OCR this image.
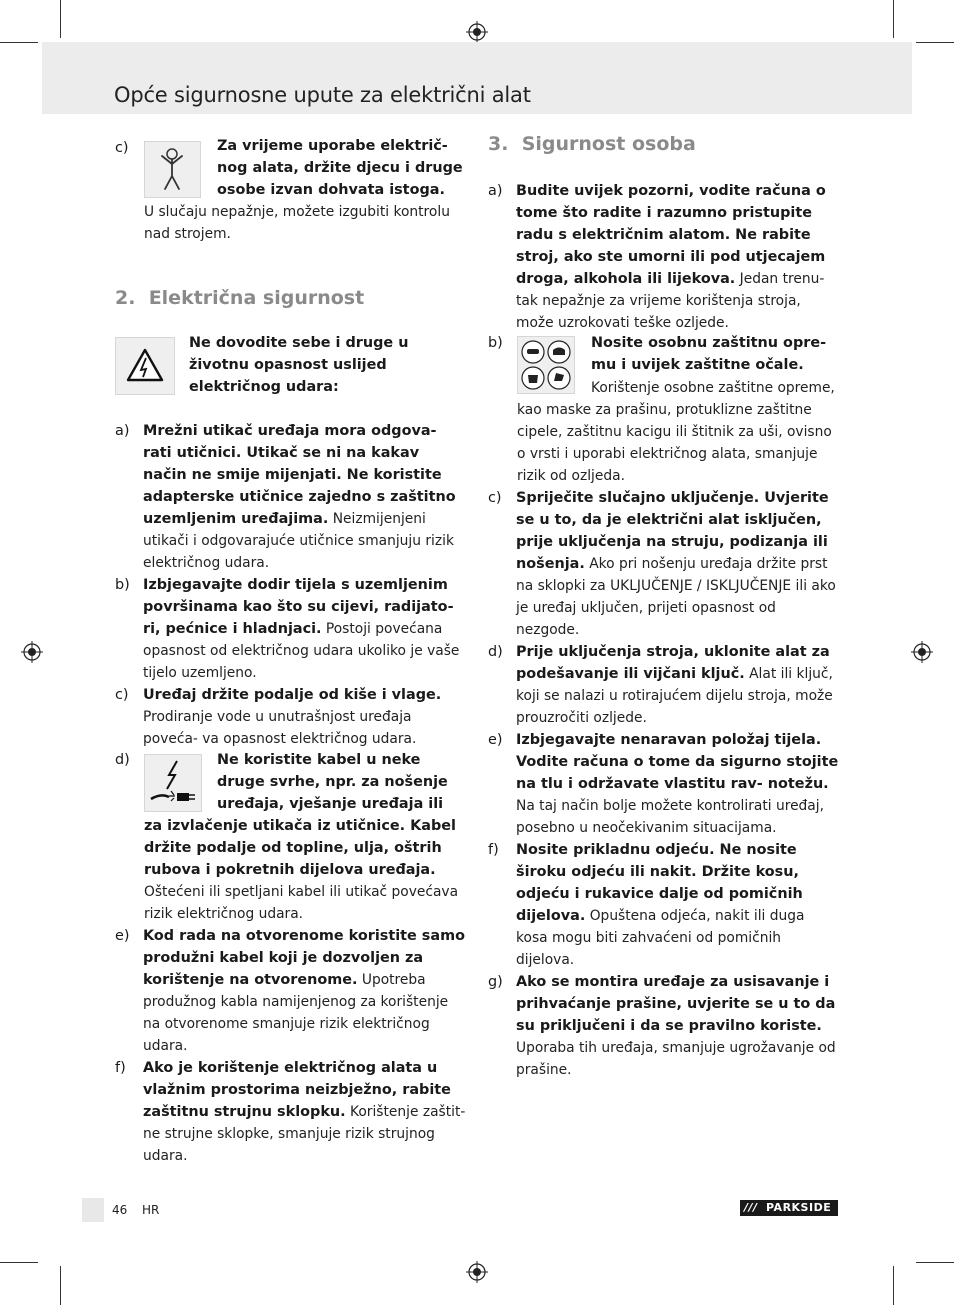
Opće sigurnosne upute za električni alat
c)	Za vrijeme uporabe električ- nog alata, držite djecu i druge osobe izvan dohvata istoga.
U slučaju nepažnje, možete izgubiti kontrolu nad strojem.
2. Električna sigurnost
Ne dovodite sebe i druge u životnu opasnost uslijed električnog udara:
a) Mrežni utikač uređaja mora odgova- rati utičnici. Utikač se ni na kakav način ne smije mijenjati. Ne koristite adapterske utičnice zajedno s zaštitno uzemljenim uređajima. Neizmijenjeni utikači i odgovarajuće utičnice smanjuju rizik električnog udara.
b) Izbjegavajte dodir tijela s uzemljenim površinama kao što su cijevi, radijato- ri, pećnice i hladnjaci. Postoji povećana opasnost od električnog udara ukoliko je vaše tijelo uzemljeno.
c) Uređaj držite podalje od kiše i vlage. Prodiranje vode u unutrašnjost uređaja poveća- va opasnost električnog udara.
d)	Ne koristite kabel u neke druge svrhe, npr. za nošenje uređaja, vješanje uređaja ili
za izvlačenje utikača iz utičnice. Kabel držite podalje od topline, ulja, oštrih rubova i pokretnih dijelova uređaja. Oštećeni ili spetljani kabel ili utikač povećava rizik električnog udara.
e) Kod rada na otvorenome koristite samo produžni kabel koji je dozvoljen za korištenje na otvorenome. Upotreba produžnog kabla namijenjenog za korištenje na otvorenome smanjuje rizik električnog udara.
f) Ako je korištenje električnog alata u vlažnim prostorima neizbježno, rabite zaštitnu strujnu sklopku. Korištenje zaštit- ne strujne sklopke, smanjuje rizik strujnog udara.
3. Sigurnost osoba
a) Budite uvijek pozorni, vodite računa o tome što radite i razumno pristupite radu s električnim alatom. Ne rabite stroj, ako ste umorni ili pod utjecajem droga, alkohola ili lijekova. Jedan trenu- tak nepažnje za vrijeme korištenja stroja, može uzrokovati teške ozljede.
b)	Nosite osobnu zaštitnu opre- mu i uvijek zaštitne očale.
Korištenje osobne zaštitne opreme,
kao maske za prašinu, protuklizne zaštitne cipele, zaštitnu kacigu ili štitnik za uši, ovisno o vrsti i uporabi električnog alata, smanjuje rizik od ozljeda.
c) Spriječite slučajno uključenje. Uvjerite se u to, da je električni alat isključen, prije uključenja na struju, podizanja ili nošenja. Ako pri nošenju uređaja držite prst na sklopki za UKLJUČENJE / ISKLJUČENJE ili ako je uređaj uključen, prijeti opasnost od nezgode.
d) Prije uključenja stroja, uklonite alat za podešavanje ili vijčani ključ. Alat ili ključ, koji se nalazi u rotirajućem dijelu stroja, može prouzročiti ozljede.
e) Izbjegavajte nenaravan položaj tijela. Vodite računa o tome da sigurno stojite na tlu i održavate vlastitu rav- notežu. Na taj način bolje možete kontrolirati uređaj, posebno u neočekivanim situacijama.
f) Nosite prikladnu odjeću. Ne nosite široku odjeću ili nakit. Držite kosu, odjeću i rukavice dalje od pomičnih dijelova. Opuštena odjeća, nakit ili duga kosa mogu biti zahvaćeni od pomičnih dijelova.
g) Ako se montira uređaje za usisavanje i prihvaćanje prašine, uvjerite se u to da su priključeni i da se pravilno koriste. Uporaba tih uređaja, smanjuje ugrožavanje od prašine.
46 HR	/// PARKSIDE
